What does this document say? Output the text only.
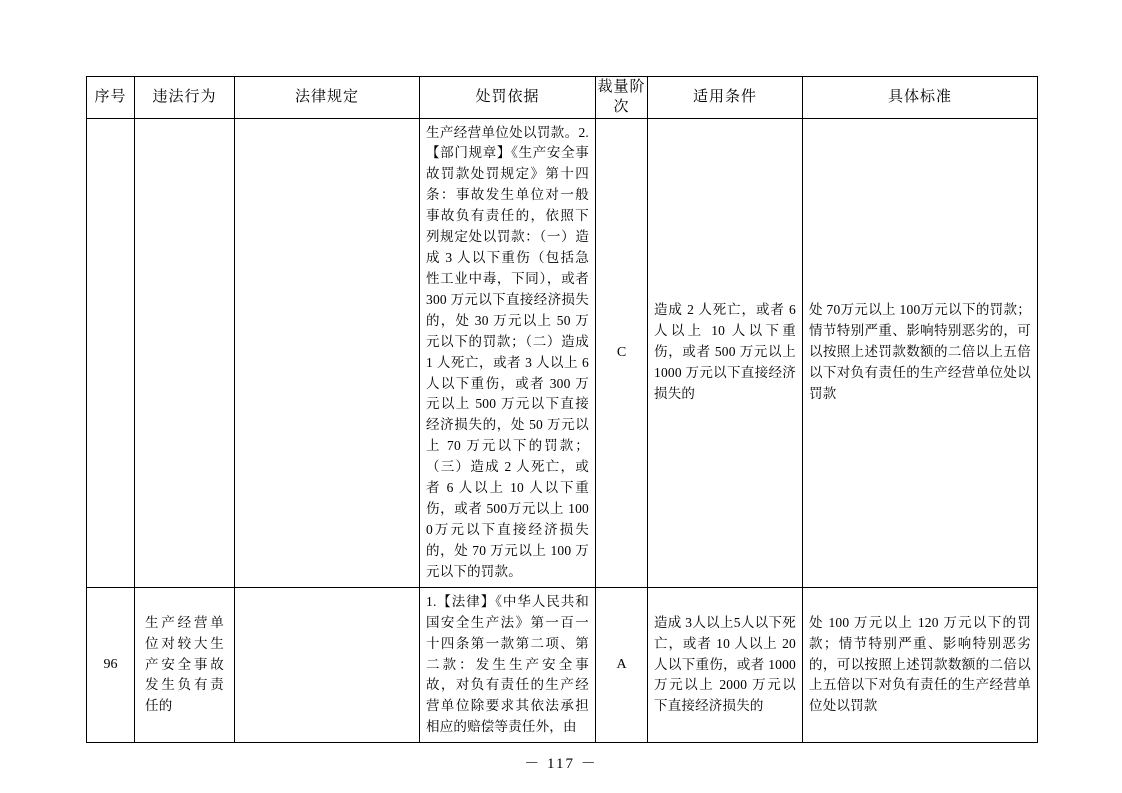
序号	违法行为	法律规定	处罚依据	裁量阶次	适用条件	具体标准

			生产经营单位处以罚款。2.【部门规章】《生产安全事故罚款处罚规定》第十四条：事故发生单位对一般事故负有责任的，依照下列规定处以罚款：（一）造成 3 人以下重伤（包括急性工业中毒，下同），或者 300 万元以下直接经济损失的，处 30 万元以上 50 万元以下的罚款；（二）造成 1 人死亡，或者 3 人以上 6 人以下重伤，或者 300 万元以上 500 万元以下直接经济损失的，处 50 万元以上 70 万元以下的罚款；（三）造成 2 人死亡，或者 6 人以上 10 人以下重伤，或者 500万元以上 1000万元以下直接经济损失的，处 70 万元以上 100 万元以下的罚款。	C	造成 2 人死亡，或者 6 人以上 10 人以下重伤，或者 500 万元以上 1000 万元以下直接经济损失的	处 70万元以上 100万元以下的罚款；情节特别严重、影响特别恶劣的，可以按照上述罚款数额的二倍以上五倍以下对负有责任的生产经营单位处以罚款

96	生产经营单位对较大生产安全事故发生负有责任的		1.【法律】《中华人民共和国安全生产法》第一百一十四条第一款第二项、第二款：发生生产安全事故，对负有责任的生产经营单位除要求其依法承担相应的赔偿等责任外，由	A	造成 3人以上5人以下死亡，或者 10 人以上 20 人以下重伤，或者 1000 万元以上 2000 万元以下直接经济损失的	处 100 万元以上 120 万元以下的罚款；情节特别严重、影响特别恶劣的，可以按照上述罚款数额的二倍以上五倍以下对负有责任的生产经营单位处以罚款
－ 117 －
